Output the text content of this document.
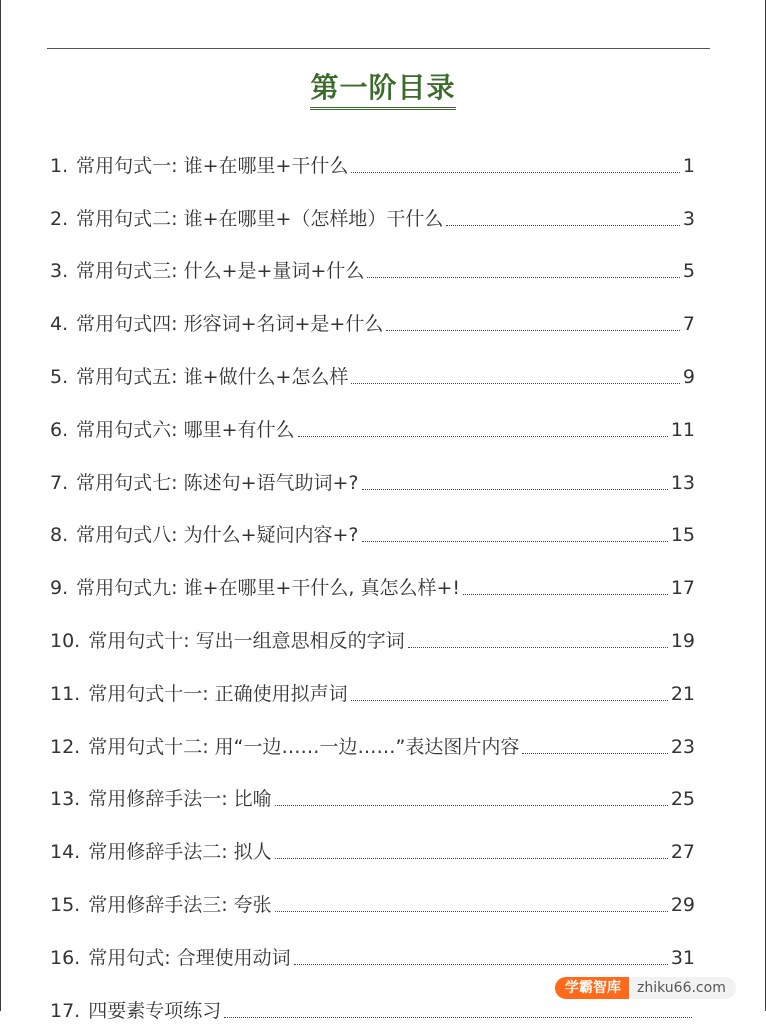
第一阶目录
1. 常用句式一: 谁+在哪里+干什么	1
2. 常用句式二: 谁+在哪里+（怎样地）干什么	3
3. 常用句式三: 什么+是+量词+什么	5
4. 常用句式四: 形容词+名词+是+什么	7
5. 常用句式五: 谁+做什么+怎么样	9
6. 常用句式六: 哪里+有什么	11
7. 常用句式七: 陈述句+语气助词+?	13
8. 常用句式八: 为什么+疑问内容+?	15
9. 常用句式九: 谁+在哪里+干什么, 真怎么样+!	17
10. 常用句式十: 写出一组意思相反的字词	19
11. 常用句式十一: 正确使用拟声词	21
12. 常用句式十二: 用“一边……一边……”表达图片内容	23
13. 常用修辞手法一: 比喻	25
14. 常用修辞手法二: 拟人	27
15. 常用修辞手法三: 夸张	29
16. 常用句式: 合理使用动词	31
17. 四要素专项练习
学霸智库	zhiku66.com
